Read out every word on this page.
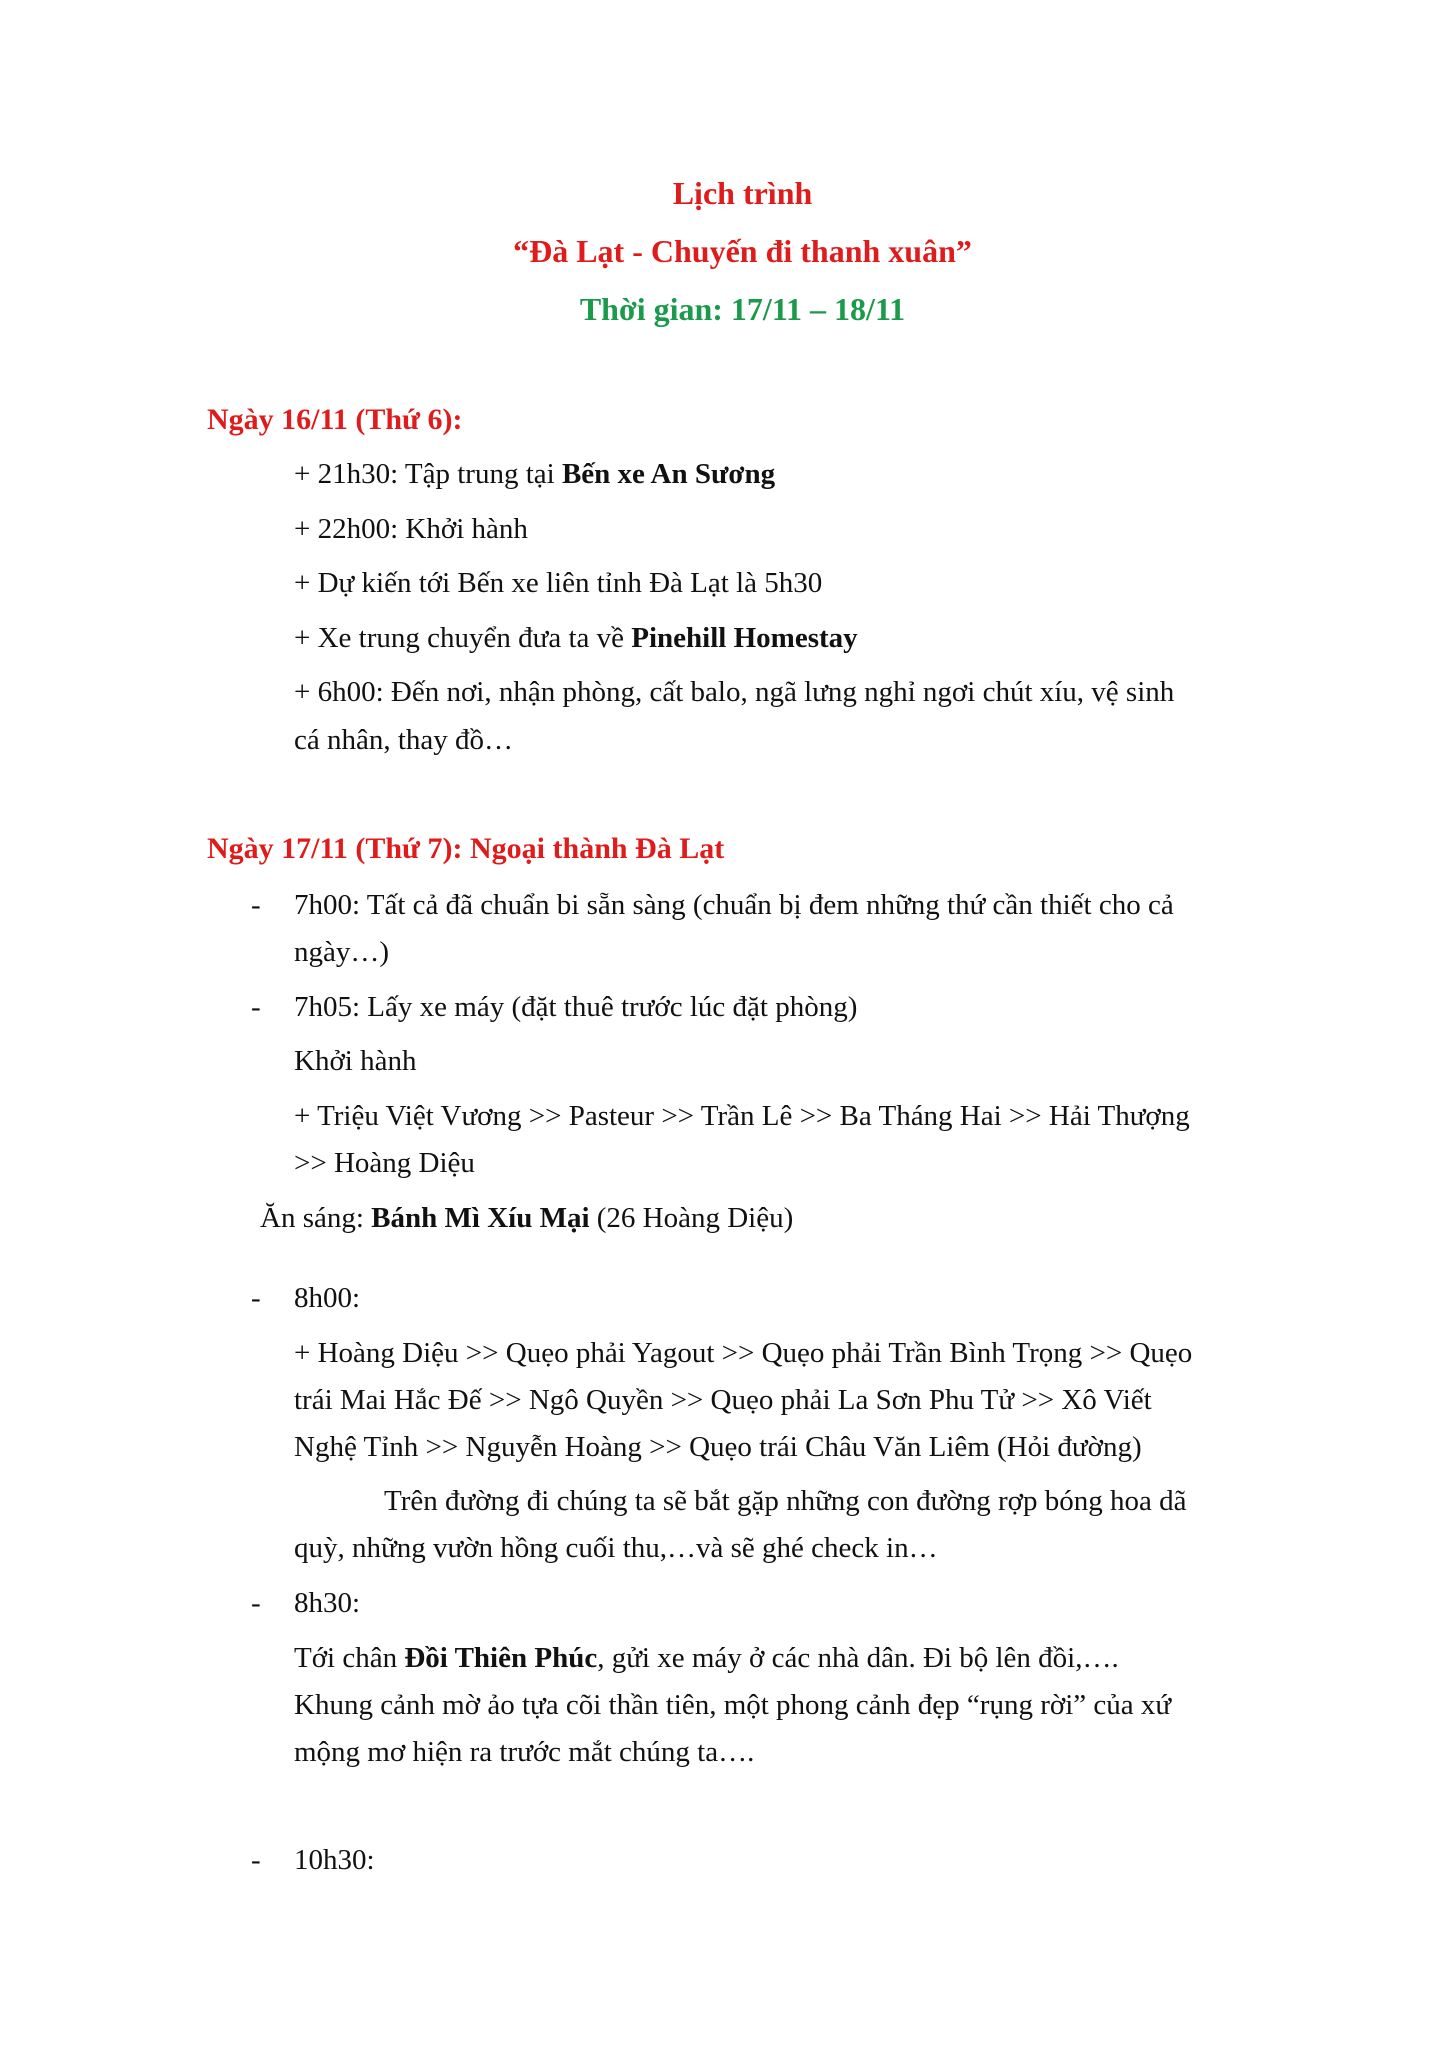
Lịch trình
“Đà Lạt - Chuyến đi thanh xuân”
Thời gian: 17/11 – 18/11
Ngày 16/11 (Thứ 6):
+ 21h30: Tập trung tại Bến xe An Sương
+ 22h00: Khởi hành
+ Dự kiến tới Bến xe liên tỉnh Đà Lạt là 5h30
+ Xe trung chuyển đưa ta về Pinehill Homestay
+ 6h00: Đến nơi, nhận phòng, cất balo, ngã lưng nghỉ ngơi chút xíu, vệ sinh
cá nhân, thay đồ…
Ngày 17/11 (Thứ 7): Ngoại thành Đà Lạt
- 7h00: Tất cả đã chuẩn bi sẵn sàng (chuẩn bị đem những thứ cần thiết cho cả
ngày…)
- 7h05: Lấy xe máy (đặt thuê trước lúc đặt phòng)
Khởi hành
+ Triệu Việt Vương >> Pasteur >> Trần Lê >> Ba Tháng Hai >> Hải Thượng
>> Hoàng Diệu
Ăn sáng: Bánh Mì Xíu Mại (26 Hoàng Diệu)
- 8h00:
+ Hoàng Diệu >> Quẹo phải Yagout >> Quẹo phải Trần Bình Trọng >> Quẹo
trái Mai Hắc Đế >> Ngô Quyền >> Quẹo phải La Sơn Phu Tử >> Xô Viết
Nghệ Tỉnh >> Nguyễn Hoàng >> Quẹo trái Châu Văn Liêm (Hỏi đường)
Trên đường đi chúng ta sẽ bắt gặp những con đường rợp bóng hoa dã
quỳ, những vườn hồng cuối thu,…và sẽ ghé check in…
- 8h30:
Tới chân Đồi Thiên Phúc, gửi xe máy ở các nhà dân. Đi bộ lên đồi,….
Khung cảnh mờ ảo tựa cõi thần tiên, một phong cảnh đẹp “rụng rời” của xứ
mộng mơ hiện ra trước mắt chúng ta….
- 10h30:
